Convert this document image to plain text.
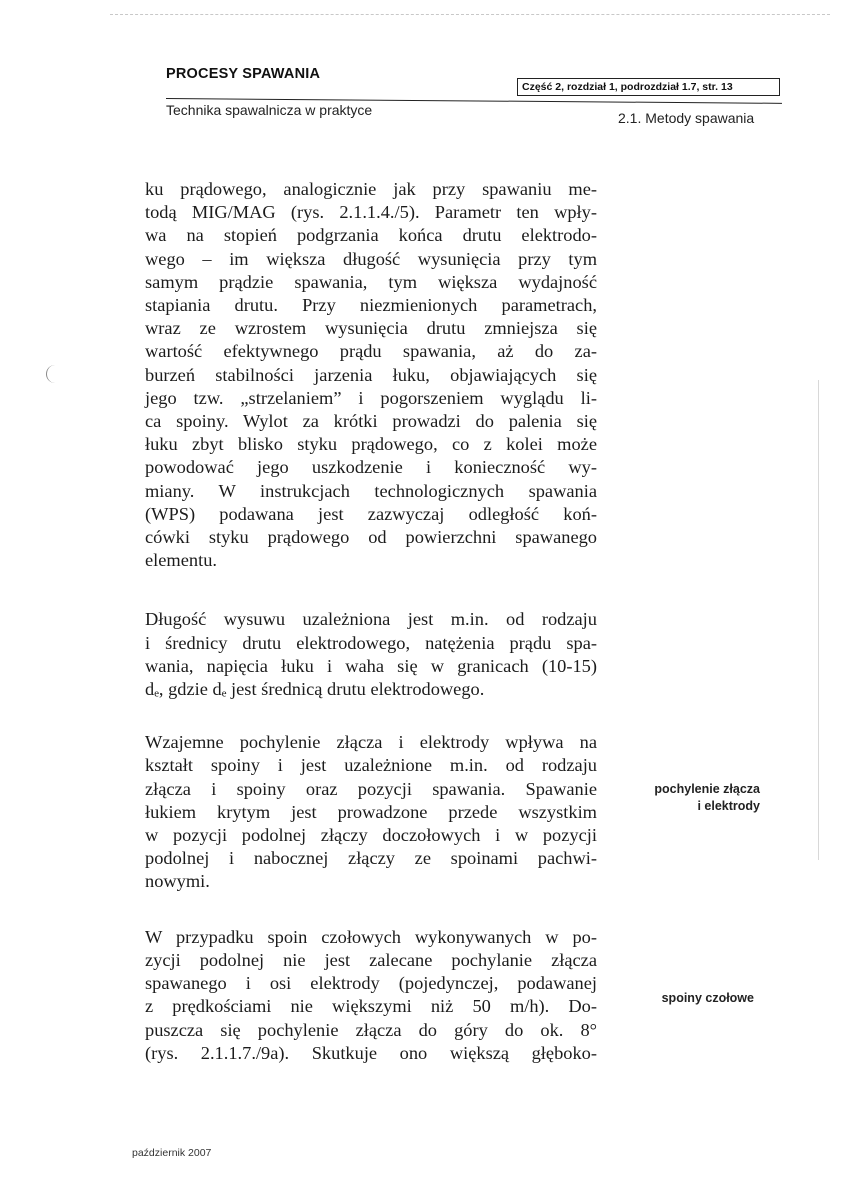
PROCESY SPAWANIA
Część 2, rozdział 1, podrozdział 1.7, str. 13
Technika spawalnicza w praktyce	2.1. Metody spawania

ku prądowego, analogicznie jak przy spawaniu me-
todą MIG/MAG (rys. 2.1.1.4./5). Parametr ten wpły-
wa na stopień podgrzania końca drutu elektrodo-
wego – im większa długość wysunięcia przy tym
samym prądzie spawania, tym większa wydajność
stapiania drutu. Przy niezmienionych parametrach,
wraz ze wzrostem wysunięcia drutu zmniejsza się
wartość efektywnego prądu spawania, aż do za-
burzeń stabilności jarzenia łuku, objawiających się
jego tzw. „strzelaniem” i pogorszeniem wyglądu li-
ca spoiny. Wylot za krótki prowadzi do palenia się
łuku zbyt blisko styku prądowego, co z kolei może
powodować jego uszkodzenie i konieczność wy-
miany. W instrukcjach technologicznych spawania
(WPS) podawana jest zazwyczaj odległość koń-
cówki styku prądowego od powierzchni spawanego
elementu.

Długość wysuwu uzależniona jest m.in. od rodzaju
i średnicy drutu elektrodowego, natężenia prądu spa-
wania, napięcia łuku i waha się w granicach (10-15)
dₑ, gdzie dₑ jest średnicą drutu elektrodowego.

Wzajemne pochylenie złącza i elektrody wpływa na
kształt spoiny i jest uzależnione m.in. od rodzaju
złącza i spoiny oraz pozycji spawania. Spawanie
łukiem krytym jest prowadzone przede wszystkim
w pozycji podolnej złączy doczołowych i w pozycji
podolnej i nabocznej złączy ze spoinami pachwi-
nowymi.

W przypadku spoin czołowych wykonywanych w po-
zycji podolnej nie jest zalecane pochylanie złącza
spawanego i osi elektrody (pojedynczej, podawanej
z prędkościami nie większymi niż 50 m/h). Do-
puszcza się pochylenie złącza do góry do ok. 8°
(rys. 2.1.1.7./9a). Skutkuje ono większą głęboko-

pochylenie złącza
i elektrody
spoiny czołowe
październik 2007
